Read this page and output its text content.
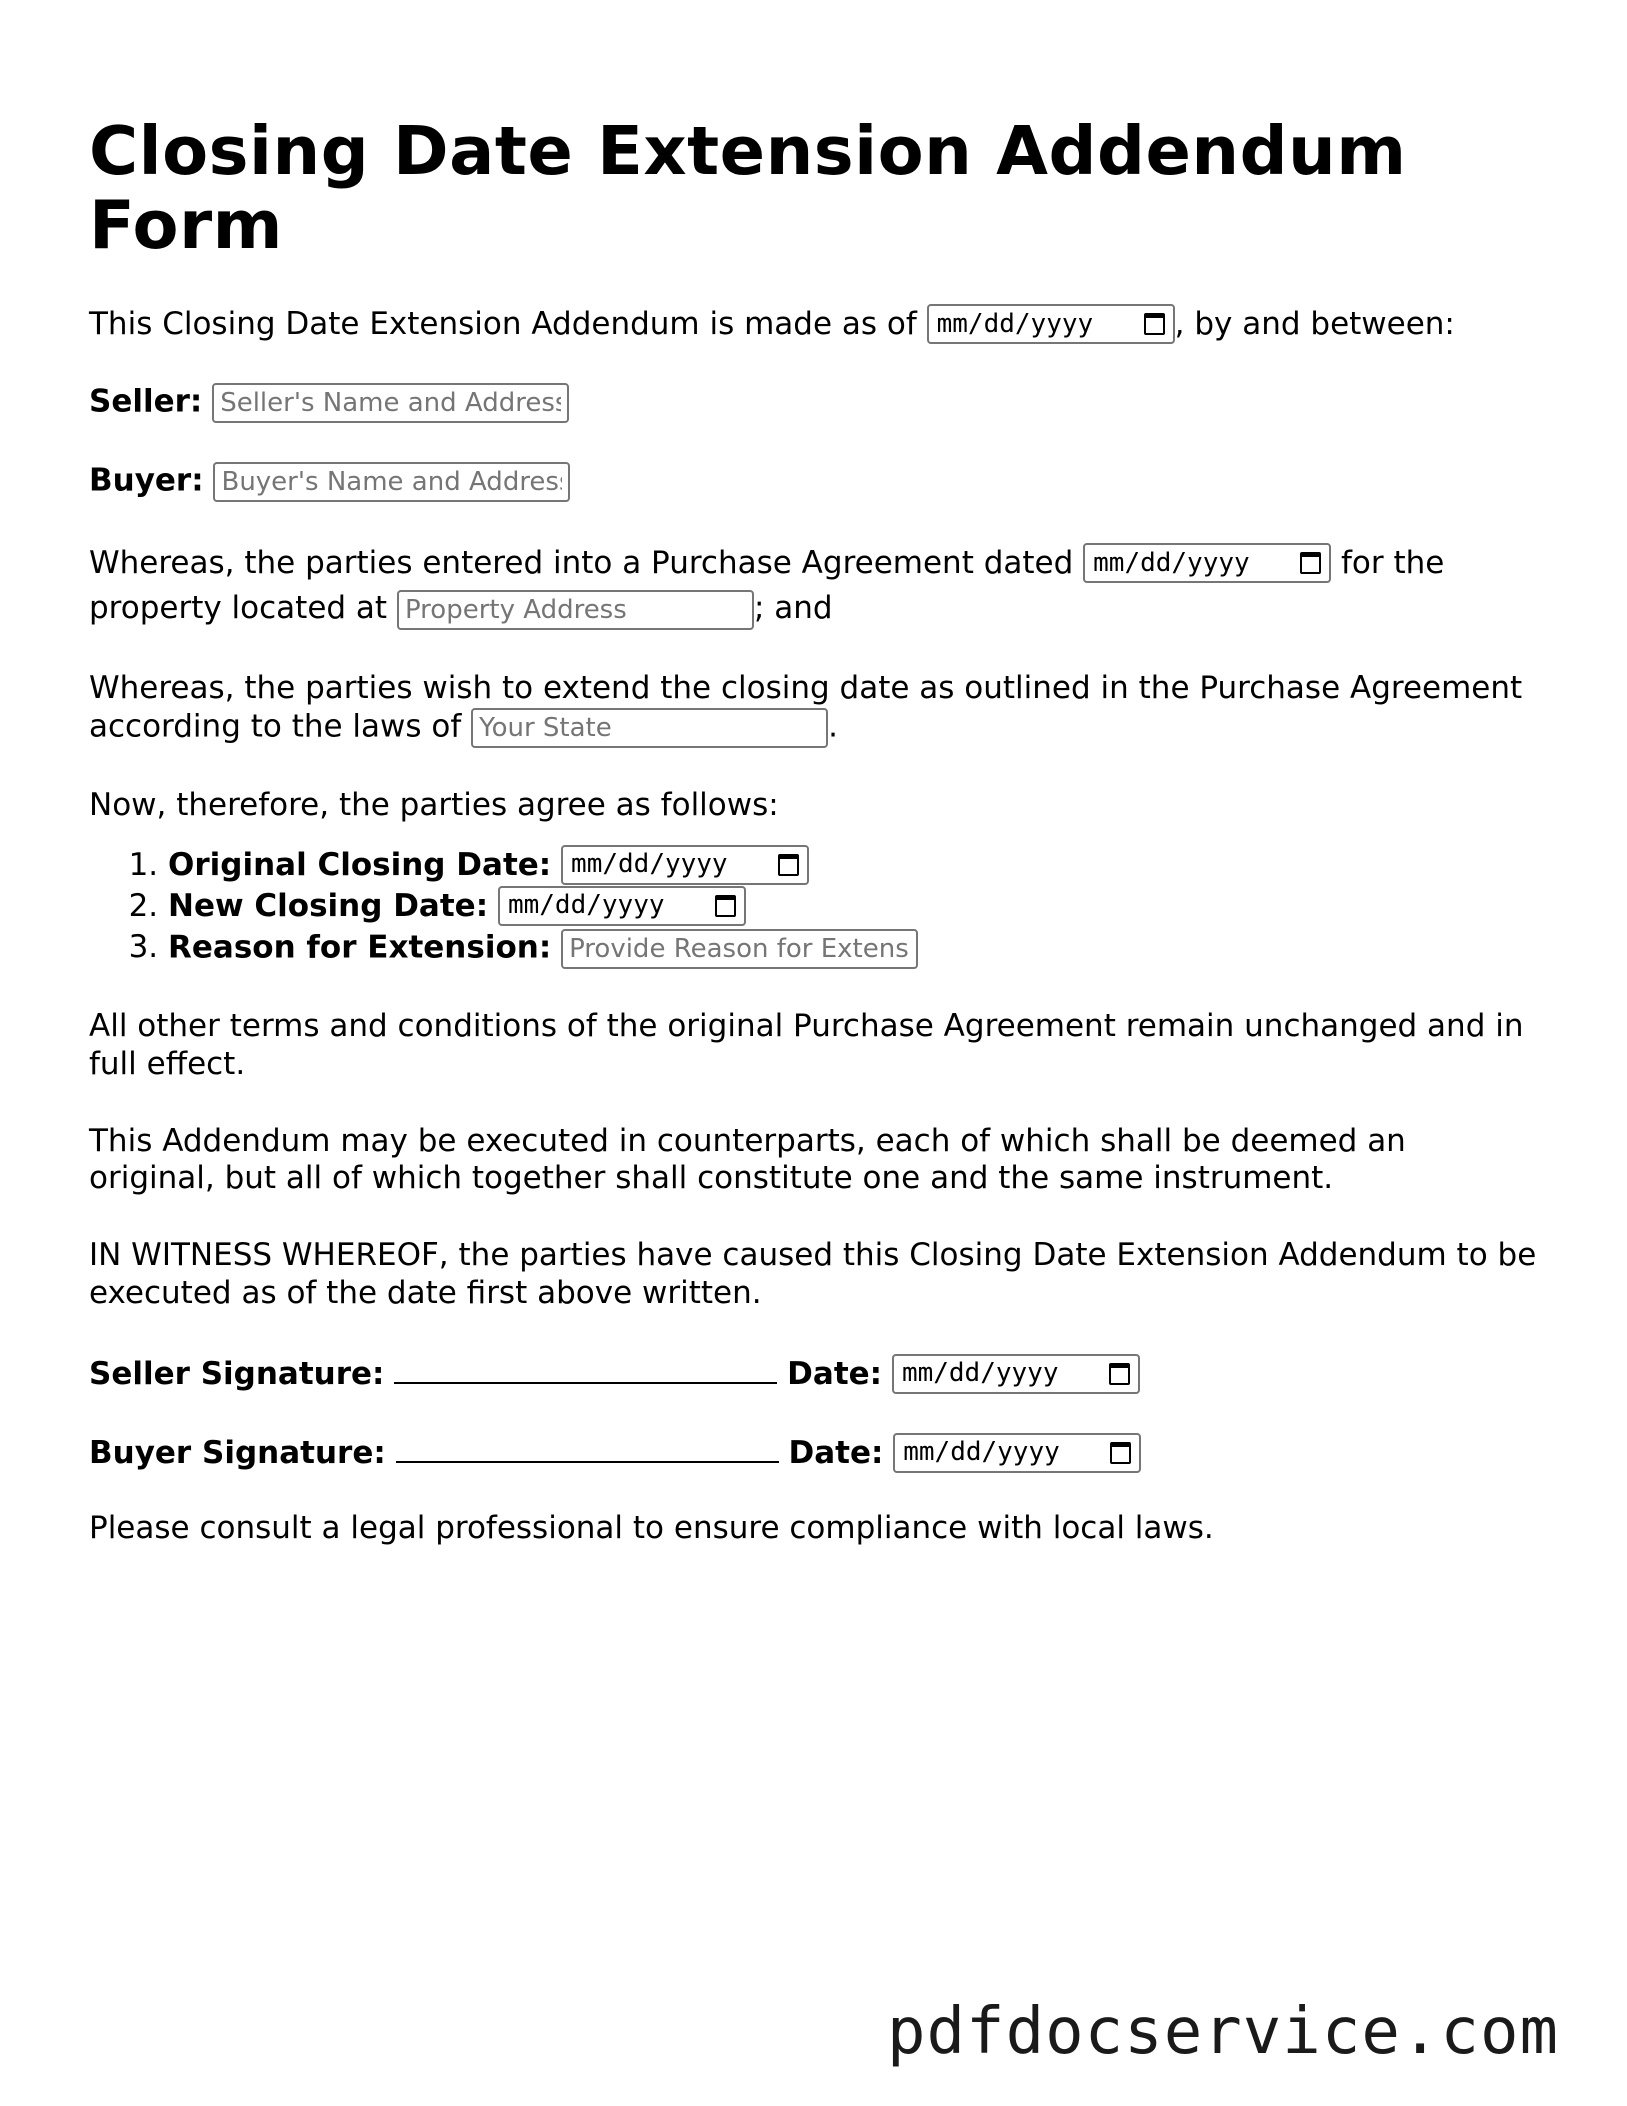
Closing Date Extension Addendum Form

This Closing Date Extension Addendum is made as of mm/dd/yyyy	, by and between:

Seller: Seller's Name and Address

Buyer: Buyer's Name and Address

Whereas, the parties entered into a Purchase Agreement dated mm/dd/yyyy	for the property located at Property Address	; and

Whereas, the parties wish to extend the closing date as outlined in the Purchase Agreement according to the laws of Your State	.

Now, therefore, the parties agree as follows:

1. Original Closing Date: mm/dd/yyyy
2. New Closing Date: mm/dd/yyyy
3. Reason for Extension: Provide Reason for Extension

All other terms and conditions of the original Purchase Agreement remain unchanged and in full effect.

This Addendum may be executed in counterparts, each of which shall be deemed an original, but all of which together shall constitute one and the same instrument.

IN WITNESS WHEREOF, the parties have caused this Closing Date Extension Addendum to be executed as of the date first above written.

Seller Signature:	Date: mm/dd/yyyy

Buyer Signature:	Date: mm/dd/yyyy

Please consult a legal professional to ensure compliance with local laws.

pdfdocservice.com
